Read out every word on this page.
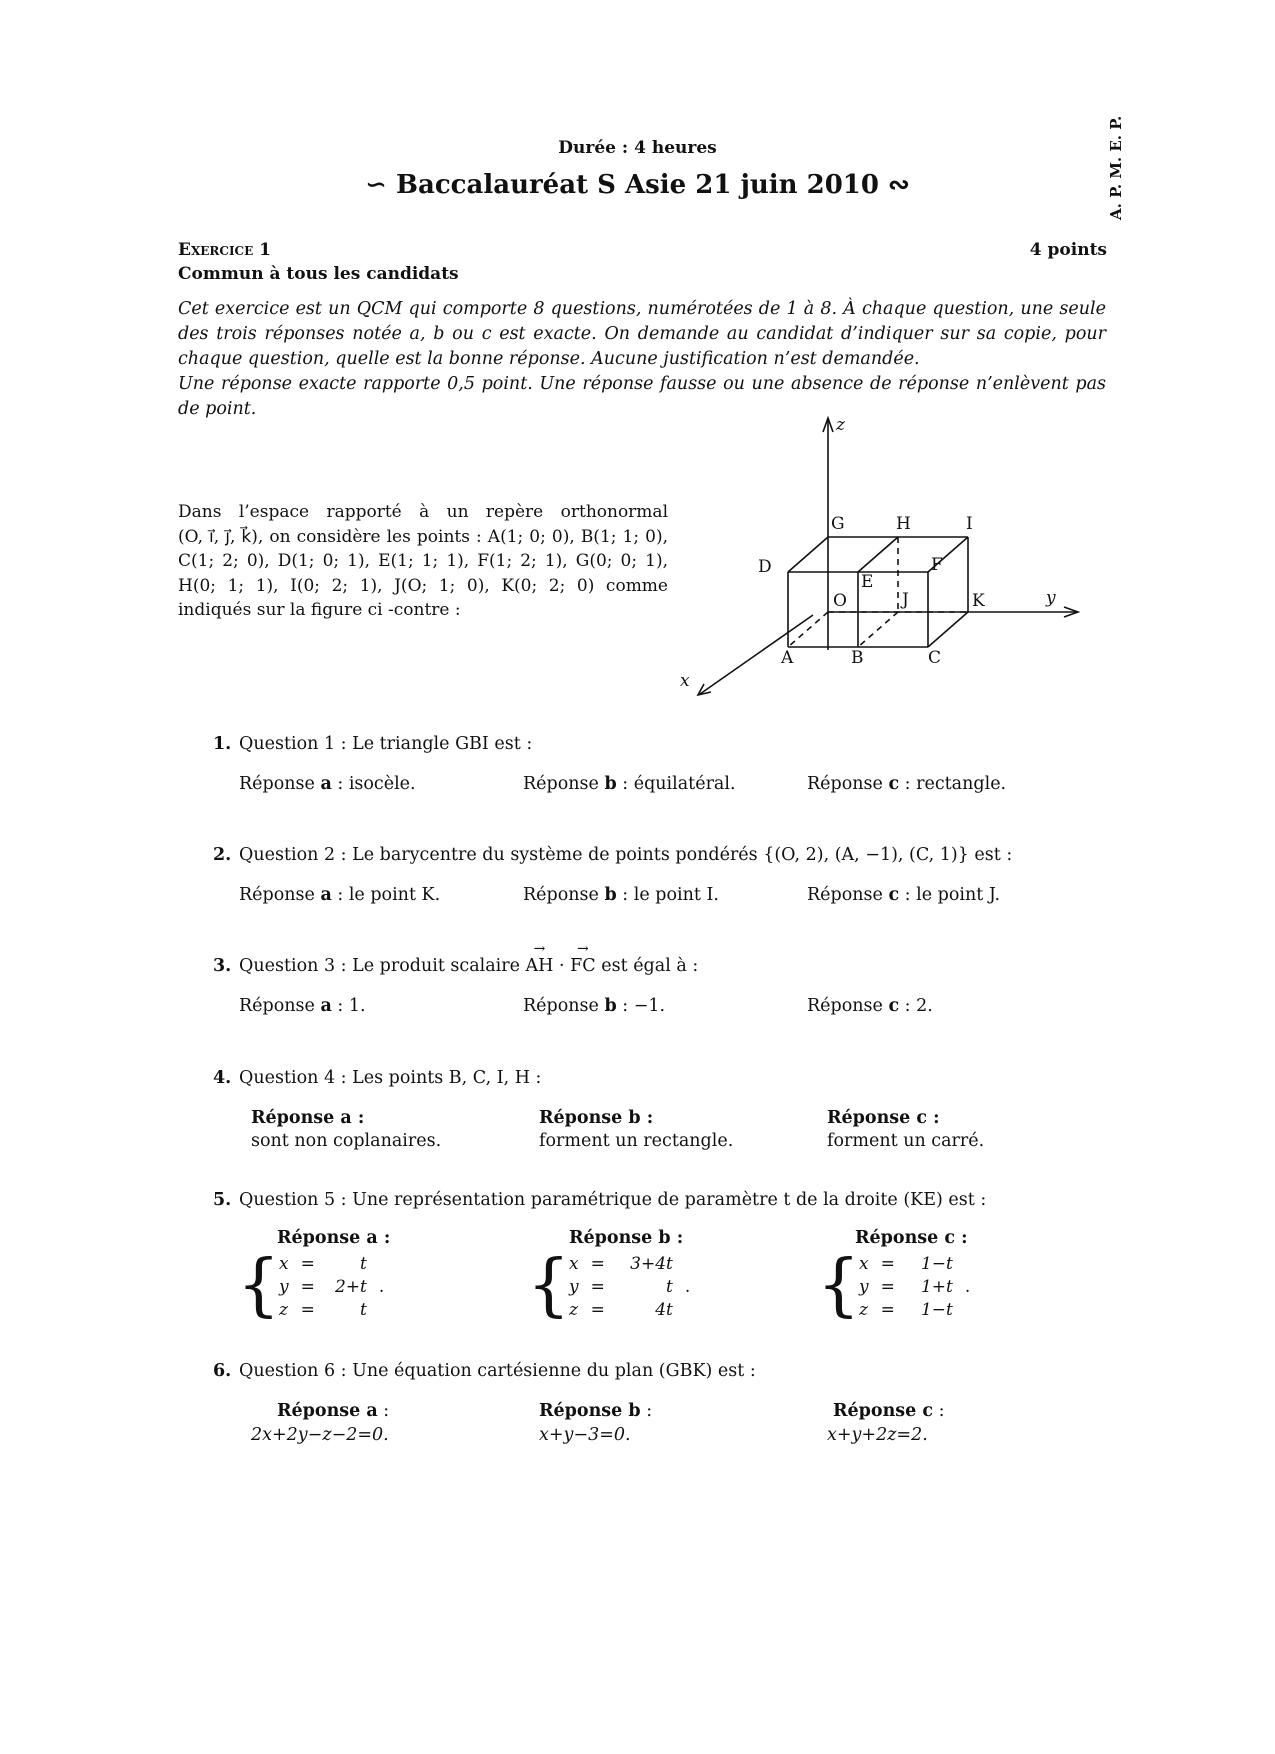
A. P. M. E. P.
Durée : 4 heures
∽ Baccalauréat S Asie 21 juin 2010 ∾
Exercice 1	4 points
Commun à tous les candidats

Cet exercice est un QCM qui comporte 8 questions, numérotées de 1 à 8. À chaque question, une seule des trois réponses notée a, b ou c est exacte. On demande au candidat d’indiquer sur sa copie, pour chaque question, quelle est la bonne réponse. Aucune justification n’est demandée.

Une réponse exacte rapporte 0,5 point. Une réponse fausse ou une absence de réponse n’enlèvent pas de point.

Dans l’espace rapporté à un repère orthonormal
(O, i⃗, j⃗, k⃗), on considère les points : A(1; 0; 0), B(1; 1; 0), C(1; 2; 0), D(1; 0; 1), E(1; 1; 1), F(1; 2; 1), G(0; 0; 1), H(0; 1; 1), I(0; 2; 1), J(O; 1; 0), K(0; 2; 0) comme indiqués sur la figure ci -contre :
z
y
x
G	H	I
D
E
F
O	J	K
A	B	C
1. Question 1 : Le triangle GBI est :
Réponse a : isocèle.	Réponse b : équilatéral.	Réponse c : rectangle.
2. Question 2 : Le barycentre du système de points pondérés {(O, 2), (A, −1), (C, 1)} est :
Réponse a : le point K.	Réponse b : le point I.	Réponse c : le point J.
3. Question 3 : Le produit scalaire → AH · → FC est égal à :
Réponse a : 1.	Réponse b : −1.	Réponse c : 2.
4. Question 4 : Les points B, C, I, H :
Réponse a :
sont non coplanaires.
Réponse b :
forment un rectangle.
Réponse c :
forment un carré.
5. Question 5 : Une représentation paramétrique de paramètre t de la droite (KE) est :
Réponse a :
{
x	=	t	
y	=	2+t	.
z	=	t	
Réponse b :
{
x	=	3+4t	
y	=	t	.
z	=	4t	
Réponse c :
{
x	=	1−t	
y	=	1+t	.
z	=	1−t	
6. Question 6 : Une équation cartésienne du plan (GBK) est :
Réponse a :
2x+2y−z−2=0.
Réponse b :
x+y−3=0.
Réponse c :
x+y+2z=2.
